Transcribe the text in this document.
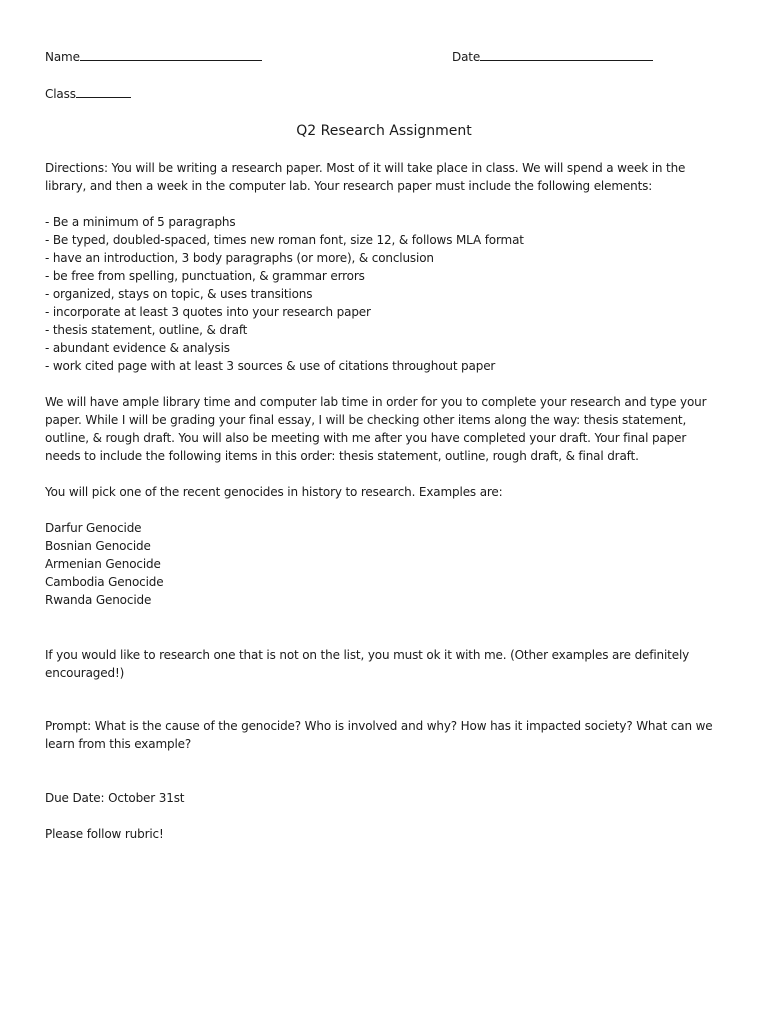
Name	Date
Class
Q2 Research Assignment
Directions: You will be writing a research paper. Most of it will take place in class. We will spend a week in the
library, and then a week in the computer lab. Your research paper must include the following elements:
- Be a minimum of 5 paragraphs
- Be typed, doubled-spaced, times new roman font, size 12, & follows MLA format
- have an introduction, 3 body paragraphs (or more), & conclusion
- be free from spelling, punctuation, & grammar errors
- organized, stays on topic, & uses transitions
- incorporate at least 3 quotes into your research paper
- thesis statement, outline, & draft
- abundant evidence & analysis
- work cited page with at least 3 sources & use of citations throughout paper
We will have ample library time and computer lab time in order for you to complete your research and type your
paper. While I will be grading your final essay, I will be checking other items along the way: thesis statement,
outline, & rough draft. You will also be meeting with me after you have completed your draft. Your final paper
needs to include the following items in this order: thesis statement, outline, rough draft, & final draft.
You will pick one of the recent genocides in history to research. Examples are:
Darfur Genocide
Bosnian Genocide
Armenian Genocide
Cambodia Genocide
Rwanda Genocide
If you would like to research one that is not on the list, you must ok it with me. (Other examples are definitely
encouraged!)
Prompt: What is the cause of the genocide? Who is involved and why? How has it impacted society? What can we
learn from this example?
Due Date: October 31st
Please follow rubric!
